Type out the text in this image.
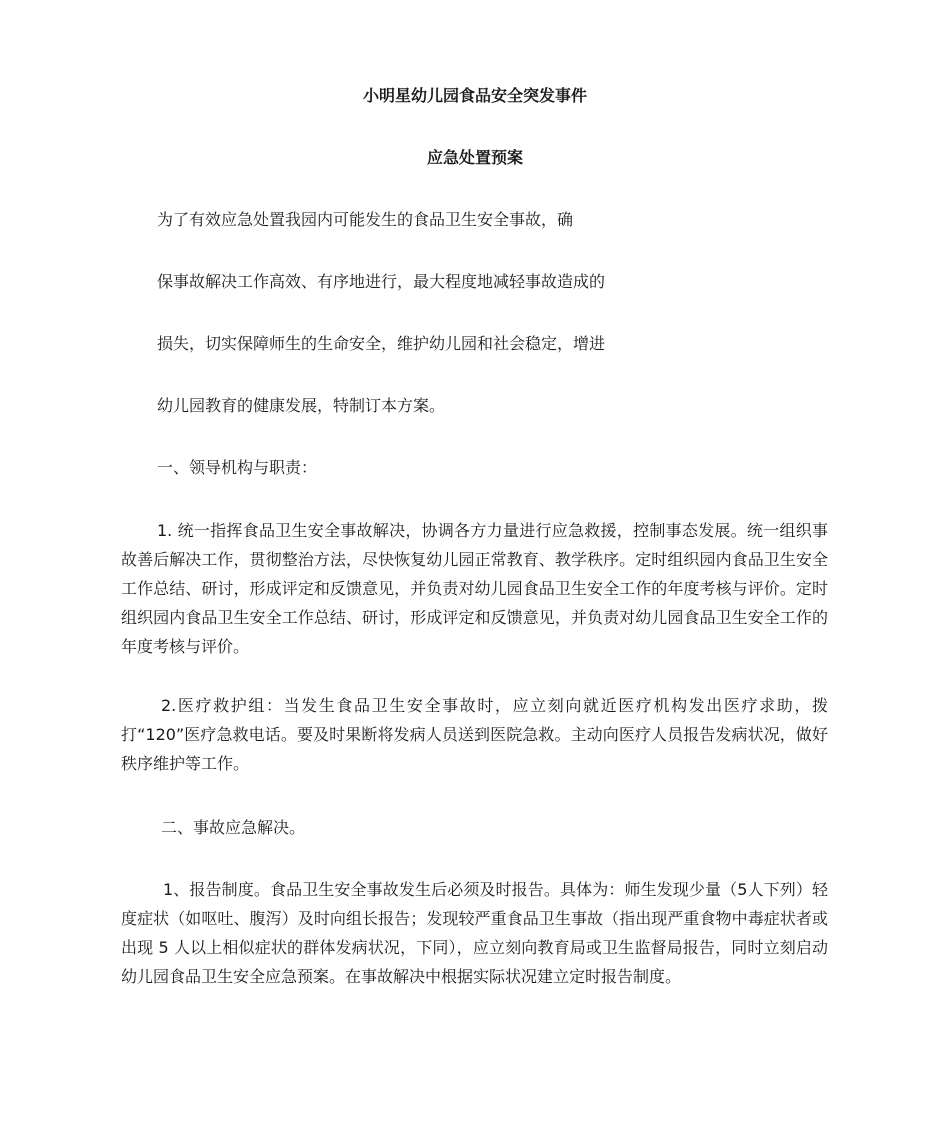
小明星幼儿园食品安全突发事件
应急处置预案
为了有效应急处置我园内可能发生的食品卫生安全事故，确
保事故解决工作高效、有序地进行，最大程度地减轻事故造成的
损失，切实保障师生的生命安全，维护幼儿园和社会稳定，增进
幼儿园教育的健康发展，特制订本方案。
一、领导机构与职责：
1. 统一指挥食品卫生安全事故解决，协调各方力量进行应急救援，控制事态发展。统一组织事故善后解决工作，贯彻整治方法，尽快恢复幼儿园正常教育、教学秩序。定时组织园内食品卫生安全工作总结、研讨，形成评定和反馈意见，并负责对幼儿园食品卫生安全工作的年度考核与评价。定时组织园内食品卫生安全工作总结、研讨，形成评定和反馈意见，并负责对幼儿园食品卫生安全工作的年度考核与评价。
2.医疗救护组：当发生食品卫生安全事故时，应立刻向就近医疗机构发出医疗求助，拨打“120”医疗急救电话。要及时果断将发病人员送到医院急救。主动向医疗人员报告发病状况，做好秩序维护等工作。
二、事故应急解决。
1、报告制度。食品卫生安全事故发生后必须及时报告。具体为：师生发现少量（5人下列）轻度症状（如呕吐、腹泻）及时向组长报告；发现较严重食品卫生事故（指出现严重食物中毒症状者或出现 5 人以上相似症状的群体发病状况，下同），应立刻向教育局或卫生监督局报告，同时立刻启动幼儿园食品卫生安全应急预案。在事故解决中根据实际状况建立定时报告制度。
